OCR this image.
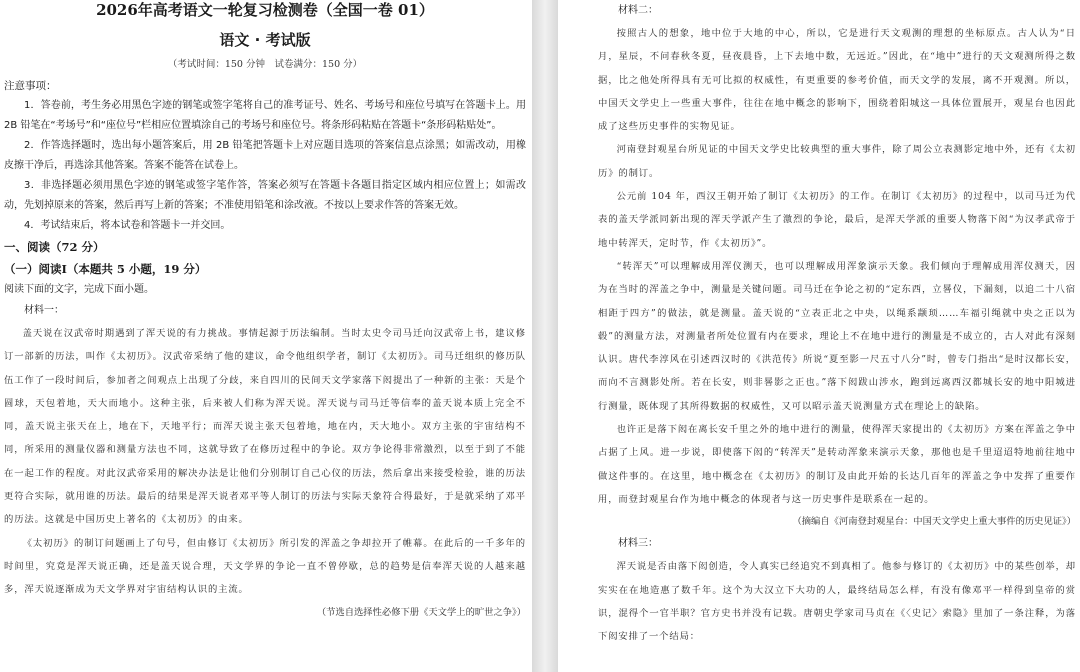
2026年高考语文一轮复习检测卷（全国一卷 01）
语文 · 考试版

（考试时间：150 分钟　试卷满分：150 分）

注意事项：

1．答卷前，考生务必用黑色字迹的钢笔或签字笔将自己的准考证号、姓名、考场号和座位号填写在答题卡上。用 2B 铅笔在“考场号”和“座位号”栏相应位置填涂自己的考场号和座位号。将条形码粘贴在答题卡“条形码粘贴处”。

2．作答选择题时，选出每小题答案后，用 2B 铅笔把答题卡上对应题目选项的答案信息点涂黑；如需改动，用橡皮擦干净后，再选涂其他答案。答案不能答在试卷上。

3．非选择题必须用黑色字迹的钢笔或签字笔作答，答案必须写在答题卡各题目指定区域内相应位置上；如需改动，先划掉原来的答案，然后再写上新的答案；不准使用铅笔和涂改液。不按以上要求作答的答案无效。

4．考试结束后，将本试卷和答题卡一并交回。

一、阅读（72 分）

（一）阅读Ⅰ（本题共 5 小题，19 分）

阅读下面的文字，完成下面小题。

材料一：

盖天说在汉武帝时期遇到了浑天说的有力挑战。事情起源于历法编制。当时太史令司马迁向汉武帝上书，建议修订一部新的历法，叫作《太初历》。汉武帝采纳了他的建议，命令他组织学者，制订《太初历》。司马迁组织的修历队伍工作了一段时间后，参加者之间观点上出现了分歧，来自四川的民间天文学家落下闳提出了一种新的主张：天是个圆球，天包着地，天大而地小。这种主张，后来被人们称为浑天说。浑天说与司马迁等信奉的盖天说本质上完全不同，盖天说主张天在上，地在下，天地平行；而浑天说主张天包着地，地在内，天大地小。双方主张的宇宙结构不同，所采用的测量仪器和测量方法也不同，这就导致了在修历过程中的争论。双方争论得非常激烈，以至于到了不能在一起工作的程度。对此汉武帝采用的解决办法是让他们分别制订自己心仪的历法，然后拿出来接受检验，谁的历法更符合实际，就用谁的历法。最后的结果是浑天说者邓平等人制订的历法与实际天象符合得最好，于是就采纳了邓平的历法。这就是中国历史上著名的《太初历》的由来。

《太初历》的制订问题画上了句号，但由修订《太初历》所引发的浑盖之争却拉开了帷幕。在此后的一千多年的时间里，究竟是浑天说正确，还是盖天说合理，天文学界的争论一直不曾停歇，总的趋势是信奉浑天说的人越来越多，浑天说逐渐成为天文学界对宇宙结构认识的主流。

（节选自选择性必修下册《天文学上的旷世之争》）

材料二：

按照古人的想象，地中位于大地的中心，所以，它是进行天文观测的理想的坐标原点。古人认为“日月，星辰，不问春秋冬夏，昼夜晨昏，上下去地中数，无远近。”因此，在“地中”进行的天文观测所得之数据，比之他处所得具有无可比拟的权威性，有更重要的参考价值，而天文学的发展，离不开观测。所以，中国天文学史上一些重大事件，往往在地中概念的影响下，围绕着阳城这一具体位置展开，观星台也因此成了这些历史事件的实物见证。

河南登封观星台所见证的中国天文学史比较典型的重大事件，除了周公立表测影定地中外，还有《太初历》的制订。

公元前 104 年，西汉王朝开始了制订《太初历》的工作。在制订《太初历》的过程中，以司马迁为代表的盖天学派同新出现的浑天学派产生了激烈的争论，最后，是浑天学派的重要人物落下闳“为汉孝武帝于地中转浑天，定时节，作《太初历》”。

“转浑天”可以理解成用浑仪测天，也可以理解成用浑象演示天象。我们倾向于理解成用浑仪测天，因为在当时的浑盖之争中，测量是关键问题。司马迁在争论之初的“定东西，立晷仪，下漏刻，以追二十八宿相距于四方”的做法，就是测量。盖天说的“立表正北之中央，以绳系颛顼……车福引绳就中央之正以为毂”的测量方法，对测量者所处位置有内在要求，理论上不在地中进行的测量是不成立的，古人对此有深刻认识。唐代李淳风在引述西汉时的《洪范传》所说“夏至影一尺五寸八分”时，曾专门指出“是时汉都长安，而向不言测影处所。若在长安，则非晷影之正也。”落下闳跋山涉水，跑到远离西汉都城长安的地中阳城进行测量，既体现了其所得数据的权威性，又可以昭示盖天说测量方式在理论上的缺陷。

也许正是落下闳在离长安千里之外的地中进行的测量，使得浑天家提出的《太初历》方案在浑盖之争中占据了上风。进一步说，即使落下闳的“转浑天”是转动浑象来演示天象，那他也是千里迢迢特地前往地中做这件事的。在这里，地中概念在《太初历》的制订及由此开始的长达几百年的浑盖之争中发挥了重要作用，而登封观星台作为地中概念的体现者与这一历史事件是联系在一起的。

（摘编自《河南登封观星台：中国天文学史上重大事件的历史见证》）

材料三：

浑天说是否由落下闳创造，令人真实已经追究不到真相了。他参与修订的《太初历》中的某些创举，却实实在在地造惠了数千年。这个为大汉立下大功的人，最终结局怎么样，有没有像邓平一样得到皇帝的赏识，混得个一官半职？官方史书并没有记载。唐朝史学家司马贞在《〈史记〉索隐》里加了一条注释，为落下闳安排了一个结局：
